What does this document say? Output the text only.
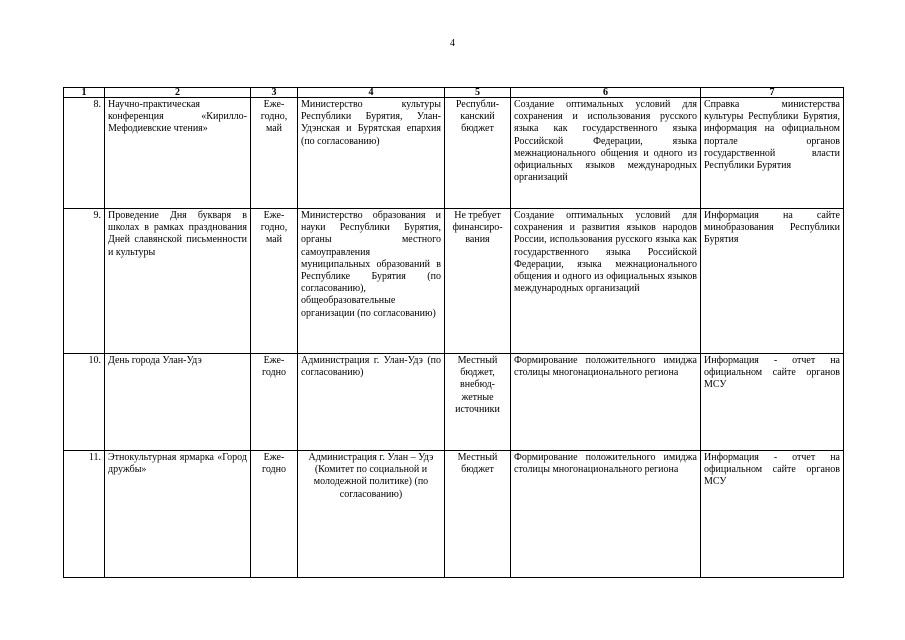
4
1	2	3	4	5	6	7
8.	Научно-практическая конференция «Кирилло-Мефодиевские чтения»	Еже-годно, май	Министерство культуры Республики Бурятия, Улан-Удэнская и Бурятская епархия (по согласованию)	Республи-канский бюджет	Создание оптимальных условий для сохранения и использования русского языка как государственного языка Российской Федерации, языка межнационального общения и одного из официальных языков международных организаций	Справка министерства культуры Республики Бурятия, информация на официальном портале органов государственной власти Республики Бурятия
9.	Проведение Дня букваря в школах в рамках празднования Дней славянской письменности и культуры	Еже-годно, май	Министерство образования и науки Республики Бурятия, органы местного самоуправления муниципальных образований в Республике Бурятия (по согласованию), общеобразовательные организации (по согласованию)	Не требует финансиро-вания	Создание оптимальных условий для сохранения и развития языков народов России, использования русского языка как государственного языка Российской Федерации, языка межнационального общения и одного из официальных языков международных организаций	Информация на сайте минобразования Республики Бурятия
10.	День города Улан-Удэ	Еже-годно	Администрация г. Улан-Удэ (по согласованию)	Местный бюджет, внебюд-жетные источники	Формирование положительного имиджа столицы многонационального региона	Информация - отчет на официальном сайте органов МСУ
11.	Этнокультурная ярмарка «Город дружбы»	Еже-годно	Администрация г. Улан – Удэ (Комитет по социальной и молодежной политике) (по согласованию)	Местный бюджет	Формирование положительного имиджа столицы многонационального региона	Информация - отчет на официальном сайте органов МСУ
